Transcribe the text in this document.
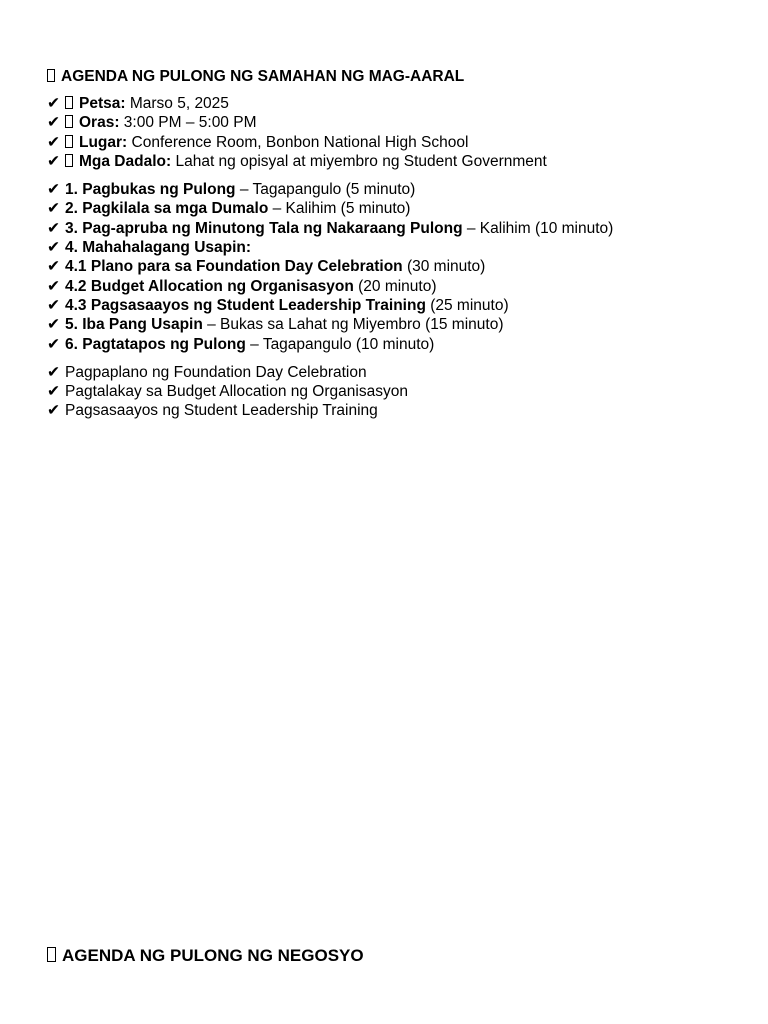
AGENDA NG PULONG NG SAMAHAN NG MAG-AARAL
✔ Petsa: Marso 5, 2025
✔ Oras: 3:00 PM – 5:00 PM
✔ Lugar: Conference Room, Bonbon National High School
✔ Mga Dadalo: Lahat ng opisyal at miyembro ng Student Government
✔ 1. Pagbukas ng Pulong – Tagapangulo (5 minuto)
✔ 2. Pagkilala sa mga Dumalo – Kalihim (5 minuto)
✔ 3. Pag-apruba ng Minutong Tala ng Nakaraang Pulong – Kalihim (10 minuto)
✔ 4. Mahahalagang Usapin:
✔ 4.1 Plano para sa Foundation Day Celebration (30 minuto)
✔ 4.2 Budget Allocation ng Organisasyon (20 minuto)
✔ 4.3 Pagsasaayos ng Student Leadership Training (25 minuto)
✔ 5. Iba Pang Usapin – Bukas sa Lahat ng Miyembro (15 minuto)
✔ 6. Pagtatapos ng Pulong – Tagapangulo (10 minuto)
✔ Pagpaplano ng Foundation Day Celebration
✔ Pagtalakay sa Budget Allocation ng Organisasyon
✔ Pagsasaayos ng Student Leadership Training
AGENDA NG PULONG NG NEGOSYO
